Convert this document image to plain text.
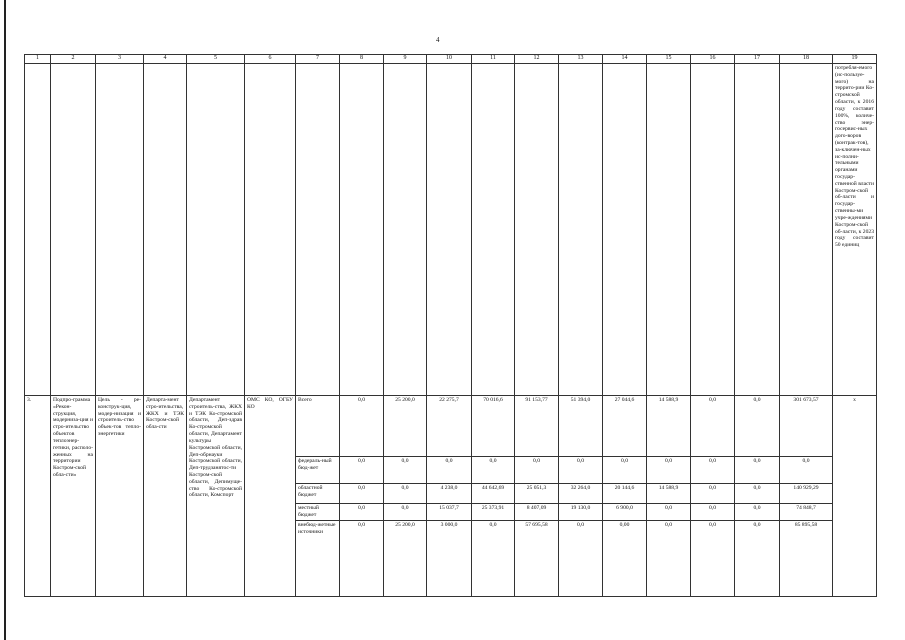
4
1	2	3	4	5	6	7	8	9	10	11	12	13	14	15	16	17	18	19
																		потребля-емого (ис-пользуе-мого) на террито-рии Ко-стромской области, к 2016 году составит 100%, количе-ство энер-госервис-ных дого-воров (контрак-тов), за-ключен-ных ис-полни-тельными органами государ-ственной власти Костром-ской об-ласти и государ-ственны-ми учре-ждениями Костром-ской об-ласти, к 2023 году составит 50 единиц
3.	Подпро-грамма «Рекон-струкция, модерниза-ция и стро-ительство объектов теплоэнер-гетики, располо-женных на территории Костром-ской обла-сти»	Цель - ре-конструк-ция, модер-низация и строитель-ство объек-тов тепло-энергетики	Департа-мент стро-ительства, ЖКХ и ТЭК Костром-ской обла-сти	Департамент строитель-ства, ЖКХ и ТЭК Ко-стромской области, Деп-здрав Ко-стромской области, Департамент культуры Костромской области, Деп-обрнауки Костромской области, Деп-трудзанятос-ти Костром-ской области, Депимуще-ство Ко-стромской области, Комспорт	ОМС КО, ОГБУ КО	Всего	0,0	25 200,0	22 275,7	70 016,6	91 153,77	51 394,0	27 044,6	14 588,9	0,0	0,0	301 673,57	x
						федераль-ный бюд-жет	0,0	0,0	0,0	0,0	0,0	0,0	0,0	0,0	0,0	0,0	0,0	
						областной бюджет	0,0	0,0	4 238,0	44 642,69	25 051,3	32 264,0	20 144,6	14 588,9	0,0	0,0	140 929,29	
						местный бюджет	0,0	0,0	15 037,7	25 373,91	8 407,09	19 130,0	6 900,0	0,0	0,0	0,0	74 848,7	
						внебюд-жетные источники	0,0	25 200,0	3 000,0	0,0	57 695,58	0,0	0,00	0,0	0,0	0,0	85 895,58	
